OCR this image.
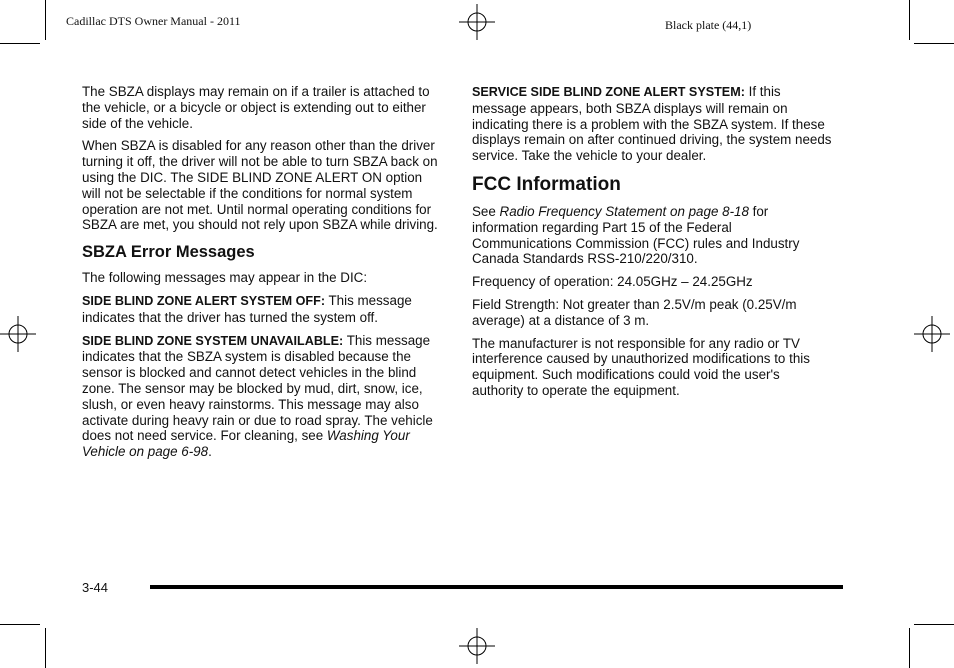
Cadillac DTS Owner Manual - 2011	Black plate (44,1)

The SBZA displays may remain on if a trailer is attached to the vehicle, or a bicycle or object is extending out to either side of the vehicle.

When SBZA is disabled for any reason other than the driver turning it off, the driver will not be able to turn SBZA back on using the DIC. The SIDE BLIND ZONE ALERT ON option will not be selectable if the conditions for normal system operation are not met. Until normal operating conditions for SBZA are met, you should not rely upon SBZA while driving.

SBZA Error Messages

The following messages may appear in the DIC:

SIDE BLIND ZONE ALERT SYSTEM OFF: This message indicates that the driver has turned the system off.

SIDE BLIND ZONE SYSTEM UNAVAILABLE: This message indicates that the SBZA system is disabled because the sensor is blocked and cannot detect vehicles in the blind zone. The sensor may be blocked by mud, dirt, snow, ice, slush, or even heavy rainstorms. This message may also activate during heavy rain or due to road spray. The vehicle does not need service. For cleaning, see Washing Your Vehicle on page 6-98.

SERVICE SIDE BLIND ZONE ALERT SYSTEM: If this message appears, both SBZA displays will remain on indicating there is a problem with the SBZA system. If these displays remain on after continued driving, the system needs service. Take the vehicle to your dealer.

FCC Information

See Radio Frequency Statement on page 8-18 for information regarding Part 15 of the Federal Communications Commission (FCC) rules and Industry Canada Standards RSS-210/220/310.

Frequency of operation: 24.05GHz – 24.25GHz

Field Strength: Not greater than 2.5V/m peak (0.25V/m average) at a distance of 3 m.

The manufacturer is not responsible for any radio or TV interference caused by unauthorized modifications to this equipment. Such modifications could void the user's authority to operate the equipment.

3-44
